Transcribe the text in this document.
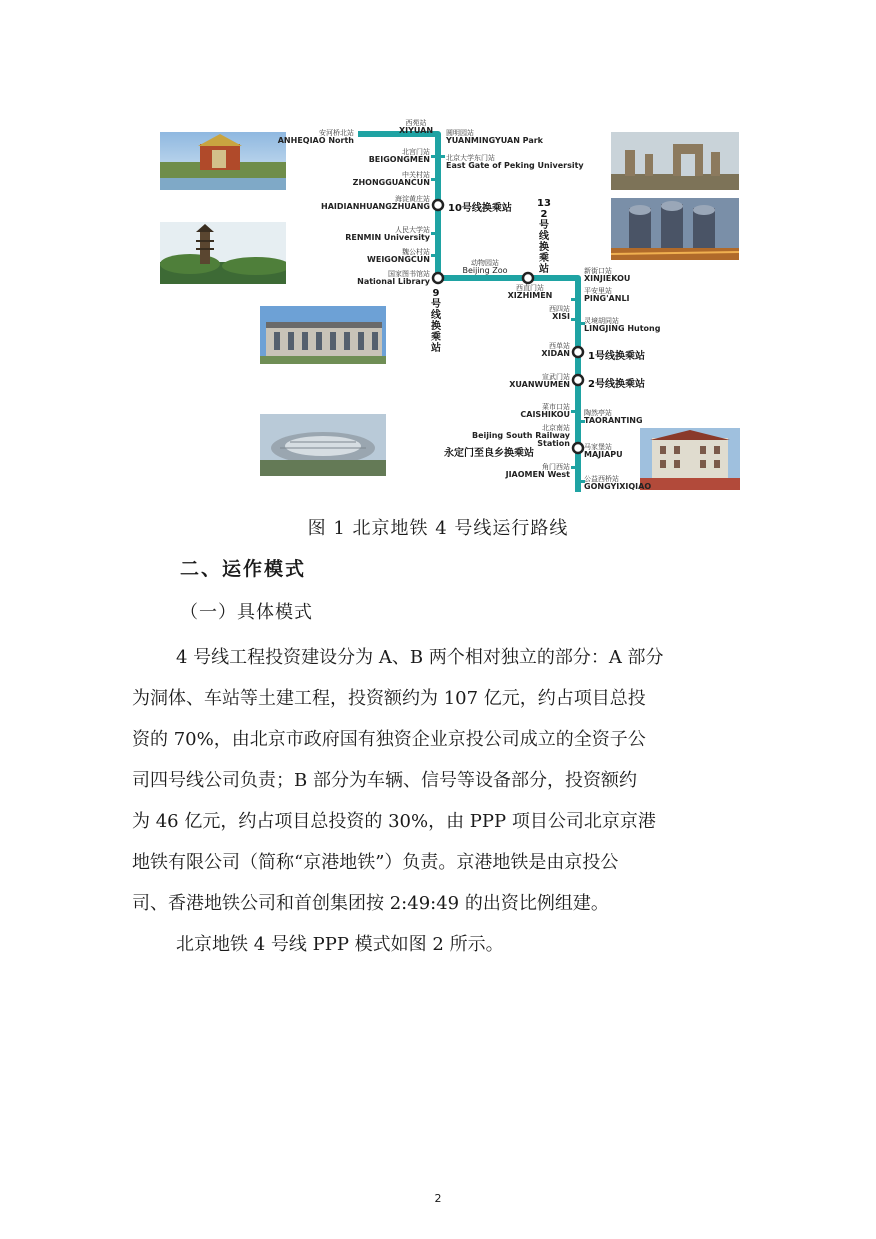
西苑站
XIYUAN
安河桥北站
ANHEQIAO North
北宫门站
BEIGONGMEN
中关村站
ZHONGGUANCUN
海淀黄庄站
HAIDIANHUANGZHUANG
人民大学站
RENMIN University
魏公村站
WEIGONGCUN
国家图书馆站
National Library
圆明园站
YUANMINGYUAN Park
北京大学东门站
East Gate of Peking University
10号线换乘站	13
2
号
线
换
乘
站
动物园站
Beijing Zoo
西直门站
XIZHIMEN
9
号
线
换
乘
站
新街口站
XINJIEKOU
平安里站
PING'ANLI
灵境胡同站
LINGJING Hutong
陶然亭站
TAORANTING
马家堡站
MAJIAPU
公益西桥站
GONGYIXIQIAO
西四站
XISI
西单站
XIDAN
宣武门站
XUANWUMEN
菜市口站
CAISHIKOU
北京南站
Beijing South Railway Station
角门西站
JIAOMEN West
1号线换乘站
2号线换乘站
永定门至良乡换乘站
图 1 北京地铁 4 号线运行路线
二、运作模式
（一）具体模式
4 号线工程投资建设分为 A、B 两个相对独立的部分：A 部分
为洞体、车站等土建工程，投资额约为 107 亿元，约占项目总投
资的 70%，由北京市政府国有独资企业京投公司成立的全资子公
司四号线公司负责；B 部分为车辆、信号等设备部分，投资额约
为 46 亿元，约占项目总投资的 30%，由 PPP 项目公司北京京港
地铁有限公司（简称“京港地铁”）负责。京港地铁是由京投公
司、香港地铁公司和首创集团按 2:49:49 的出资比例组建。
北京地铁 4 号线 PPP 模式如图 2 所示。
2
